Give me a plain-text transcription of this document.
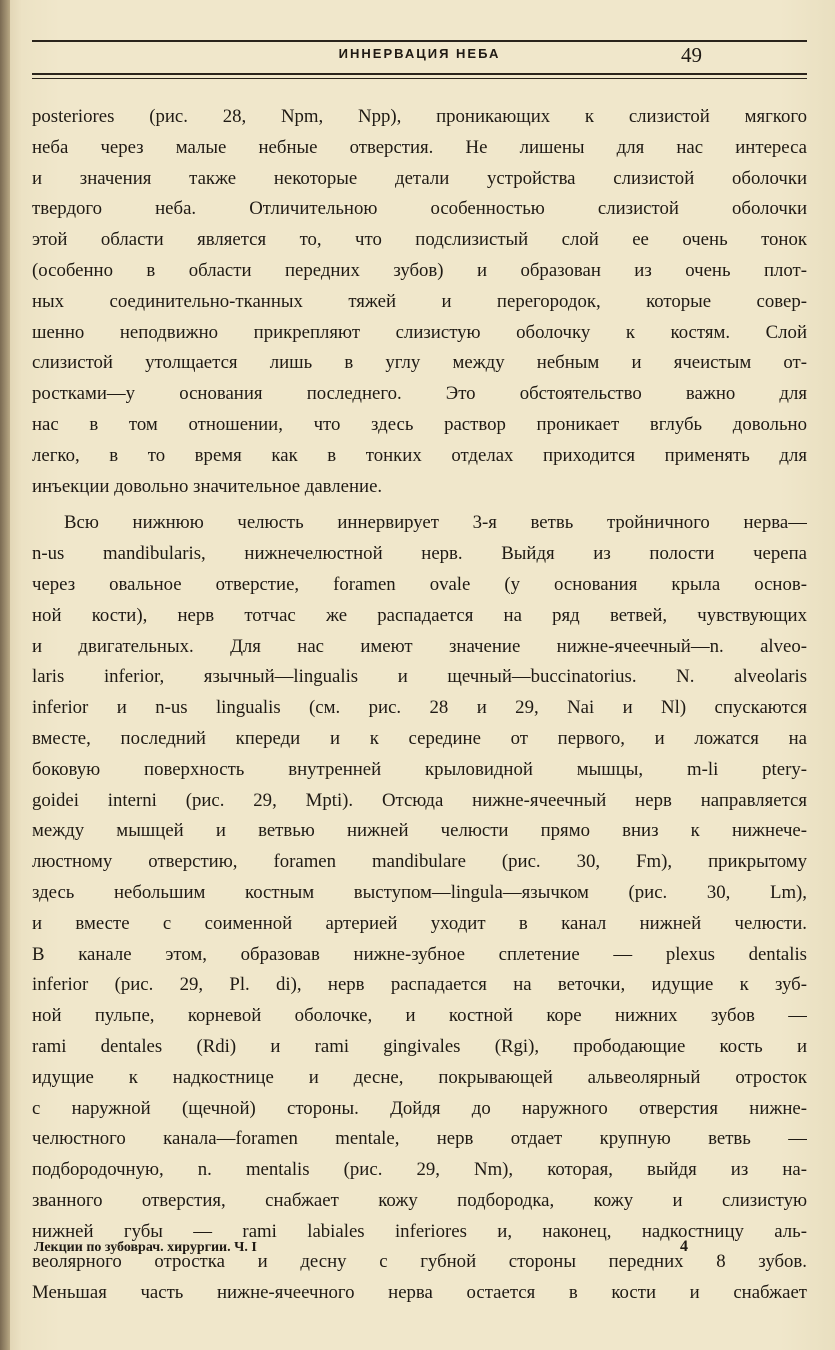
ИННЕРВАЦИЯ НЕБА	49
posteriores (рис. 28, Npm, Npp), проникающих к слизистой мягкого
неба через малые небные отверстия. Не лишены для нас интереса
и значения также некоторые детали устройства слизистой оболочки
твердого неба. Отличительною особенностью слизистой оболочки
этой области является то, что подслизистый слой ее очень тонок
(особенно в области передних зубов) и образован из очень плот-
ных соединительно-тканных тяжей и перегородок, которые совер-
шенно неподвижно прикрепляют слизистую оболочку к костям. Слой
слизистой утолщается лишь в углу между небным и ячеистым от-
ростками—у основания последнего. Это обстоятельство важно для
нас в том отношении, что здесь раствор проникает вглубь довольно
легко, в то время как в тонких отделах приходится применять для
инъекции довольно значительное давление.
Всю нижнюю челюсть иннервирует 3-я ветвь тройничного нерва—
n-us mandibularis, нижнечелюстной нерв. Выйдя из полости черепа
через овальное отверстие, foramen ovale (у основания крыла основ-
ной кости), нерв тотчас же распадается на ряд ветвей, чувствующих
и двигательных. Для нас имеют значение нижне-ячеечный—n. alveo-
laris inferior, язычный—lingualis и щечный—buccinatorius. N. alveolaris
inferior и n-us lingualis (см. рис. 28 и 29, Nai и Nl) спускаются
вместе, последний кпереди и к середине от первого, и ложатся на
боковую поверхность внутренней крыловидной мышцы, m-li ptery-
goidei interni (рис. 29, Mpti). Отсюда нижне-ячеечный нерв направляется
между мышцей и ветвью нижней челюсти прямо вниз к нижнече-
люстному отверстию, foramen mandibulare (рис. 30, Fm), прикрытому
здесь небольшим костным выступом—lingula—язычком (рис. 30, Lm),
и вместе с соименной артерией уходит в канал нижней челюсти.
В канале этом, образовав нижне-зубное сплетение — plexus dentalis
inferior (рис. 29, Pl. di), нерв распадается на веточки, идущие к зуб-
ной пульпе, корневой оболочке, и костной коре нижних зубов —
rami dentales (Rdi) и rami gingivales (Rgi), прободающие кость и
идущие к надкостнице и десне, покрывающей альвеолярный отросток
с наружной (щечной) стороны. Дойдя до наружного отверстия нижне-
челюстного канала—foramen mentale, нерв отдает крупную ветвь —
подбородочную, n. mentalis (рис. 29, Nm), которая, выйдя из на-
званного отверстия, снабжает кожу подбородка, кожу и слизистую
нижней губы — rami labiales inferiores и, наконец, надкостницу аль-
веолярного отростка и десну с губной стороны передних 8 зубов.
Меньшая часть нижне-ячеечного нерва остается в кости и снабжает
Лекции по зубоврач. хирургии. Ч. I	4
